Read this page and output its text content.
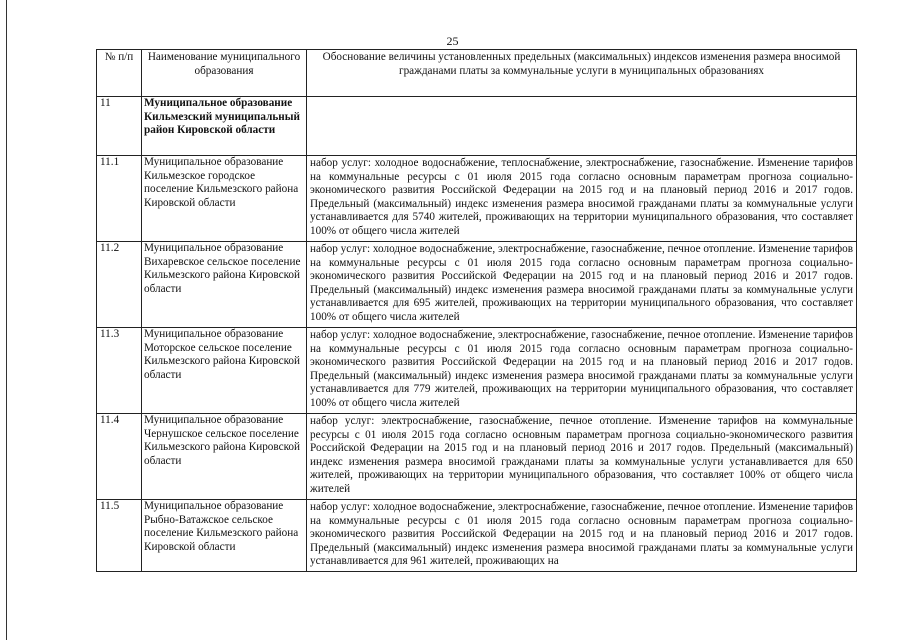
25
№ п/п	Наименование муниципального образования	Обоснование величины установленных предельных (максимальных) индексов изменения размера вносимой гражданами платы за коммунальные услуги в муниципальных образованиях
11	Муниципальное образование Кильмезский муниципальный район Кировской области	
11.1	Муниципальное образование Кильмезское городское поселение Кильмезского района Кировской области	набор услуг: холодное водоснабжение, теплоснабжение, электроснабжение, газоснабжение. Изменение тарифов на коммунальные ресурсы с 01 июля 2015 года согласно основным параметрам прогноза социально-экономического развития Российской Федерации на 2015 год и на плановый период 2016 и 2017 годов. Предельный (максимальный) индекс изменения размера вносимой гражданами платы за коммунальные услуги устанавливается для 5740 жителей, проживающих на территории муниципального образования, что составляет 100% от общего числа жителей
11.2	Муниципальное образование Вихаревское сельское поселение Кильмезского района Кировской области	набор услуг: холодное водоснабжение, электроснабжение, газоснабжение, печное отопление. Изменение тарифов на коммунальные ресурсы с 01 июля 2015 года согласно основным параметрам прогноза социально-экономического развития Российской Федерации на 2015 год и на плановый период 2016 и 2017 годов. Предельный (максимальный) индекс изменения размера вносимой гражданами платы за коммунальные услуги устанавливается для 695 жителей, проживающих на территории муниципального образования, что составляет 100% от общего числа жителей
11.3	Муниципальное образование Моторское сельское поселение Кильмезского района Кировской области	набор услуг: холодное водоснабжение, электроснабжение, газоснабжение, печное отопление. Изменение тарифов на коммунальные ресурсы с 01 июля 2015 года согласно основным параметрам прогноза социально-экономического развития Российской Федерации на 2015 год и на плановый период 2016 и 2017 годов. Предельный (максимальный) индекс изменения размера вносимой гражданами платы за коммунальные услуги устанавливается для 779 жителей, проживающих на территории муниципального образования, что составляет 100% от общего числа жителей
11.4	Муниципальное образование Чернушское сельское поселение Кильмезского района Кировской области	набор услуг: электроснабжение, газоснабжение, печное отопление. Изменение тарифов на коммунальные ресурсы с 01 июля 2015 года согласно основным параметрам прогноза социально-экономического развития Российской Федерации на 2015 год и на плановый период 2016 и 2017 годов. Предельный (максимальный) индекс изменения размера вносимой гражданами платы за коммунальные услуги устанавливается для 650 жителей, проживающих на территории муниципального образования, что составляет 100% от общего числа жителей
11.5	Муниципальное образование Рыбно-Ватажское сельское поселение Кильмезского района Кировской области	набор услуг: холодное водоснабжение, электроснабжение, газоснабжение, печное отопление. Изменение тарифов на коммунальные ресурсы с 01 июля 2015 года согласно основным параметрам прогноза социально-экономического развития Российской Федерации на 2015 год и на плановый период 2016 и 2017 годов. Предельный (максимальный) индекс изменения размера вносимой гражданами платы за коммунальные услуги устанавливается для 961 жителей, проживающих на
